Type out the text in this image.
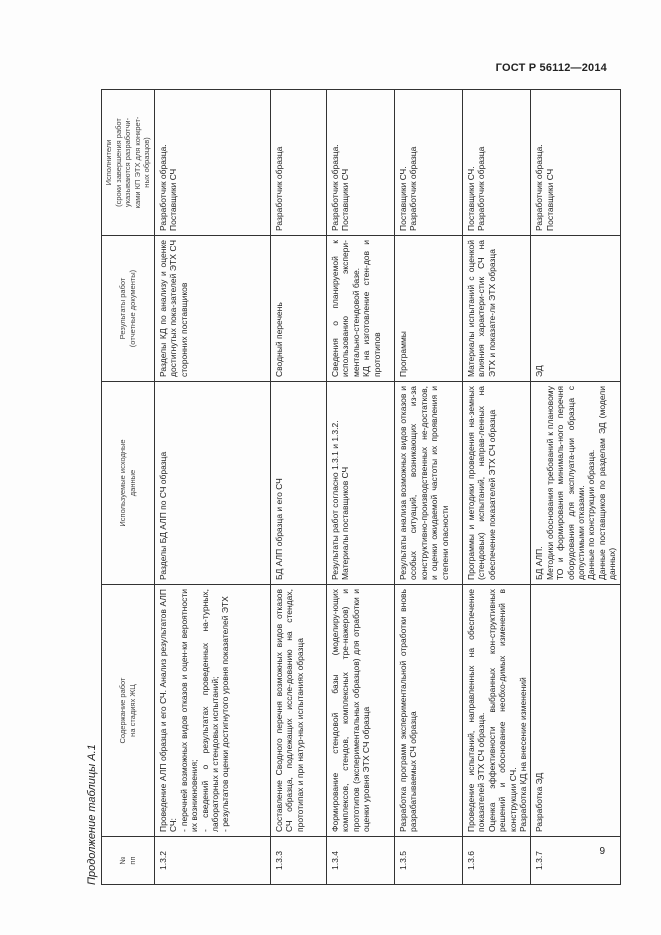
ГОСТ Р 56112—2014
Продолжение таблицы А.1	№ пп	Содержание работ на стадиях ЖЦ	Используемые исходные данные	Результаты работ (отчетные документы)	Исполнители (сроки завершения работ указываются разработчи- ками КП ЭТХ для конкрет- ных образцов)

1.3.2	Проведение АЛП образца и его СЧ. Анализ результатов АЛП СЧ: - перечней возможных видов отказов и оцен-ки вероятности их возникновения; - сведений о результатах проведенных на-турных, лабораторных и стендовых испытаний; - результатов оценки достигнутого уровня показателей ЭТХ	Разделы БД АЛП по СЧ образца	Разделы КД по анализу и оценке достигнутых пока-зателей ЭТХ СЧ сторонних поставщиков	Разработчик образца. Поставщики СЧ

1.3.3	Составление Сводного перечня возможных видов отказов СЧ образца, подлежащих иссле-дованию на стендах, прототипах и при натур-ных испытаниях образца	БД АЛП образца и его СЧ	Сводный перечень	Разработчик образца

1.3.4	Формирование стендовой базы (моделиру-ющих комплексов, стендов, комплексных тре-нажеров) и прототипов (экспериментальных образцов) для отработки и оценки уровня ЭТХ СЧ образца	Результаты работ согласно 1.3.1 и 1.3.2. Материалы поставщиков СЧ	Сведения о планируемой к использованию экспери-ментально-стендовой базе. КД на изготовление стен-дов и прототипов	Разработчик образца. Поставщики СЧ

1.3.5	Разработка программ экспериментальной отработки вновь разрабатываемых СЧ образца	Результаты анализа возможных видов отказов и особых ситуаций, возникающих из-за конструктивно-производственных не-достатков, и оценки ожидаемой частоты их проявления и степени опасности	Программы	Поставщики СЧ. Разработчик образца

1.3.6	Проведение испытаний, направленных на обеспечение показателей ЭТХ СЧ образца. Оценка эффективности выбранных кон-структивных решений и обоснование необхо-димых изменений в конструкции СЧ. Разработка КД на внесение изменений	Программы и методики проведения на-земных (стендовых) испытаний, направ-ленных на обеспечение показателей ЭТХ СЧ образца	Материалы испытаний с оценкой влияния характери-стик СЧ на ЭТХ и показате-ли ЭТХ образца	Поставщики СЧ. Разработчик образца

1.3.7	Разработка ЭД	БД АЛП. Методики обоснования требований к плановому ТО и формирования минималь-ного перечня оборудования для эксплуата-ции образца с допустимыми отказами. Данные по конструкции образца. Данные поставщиков по разделам ЭД (модели данных)	ЭД	Разработчик образца. Поставщики СЧ
9
